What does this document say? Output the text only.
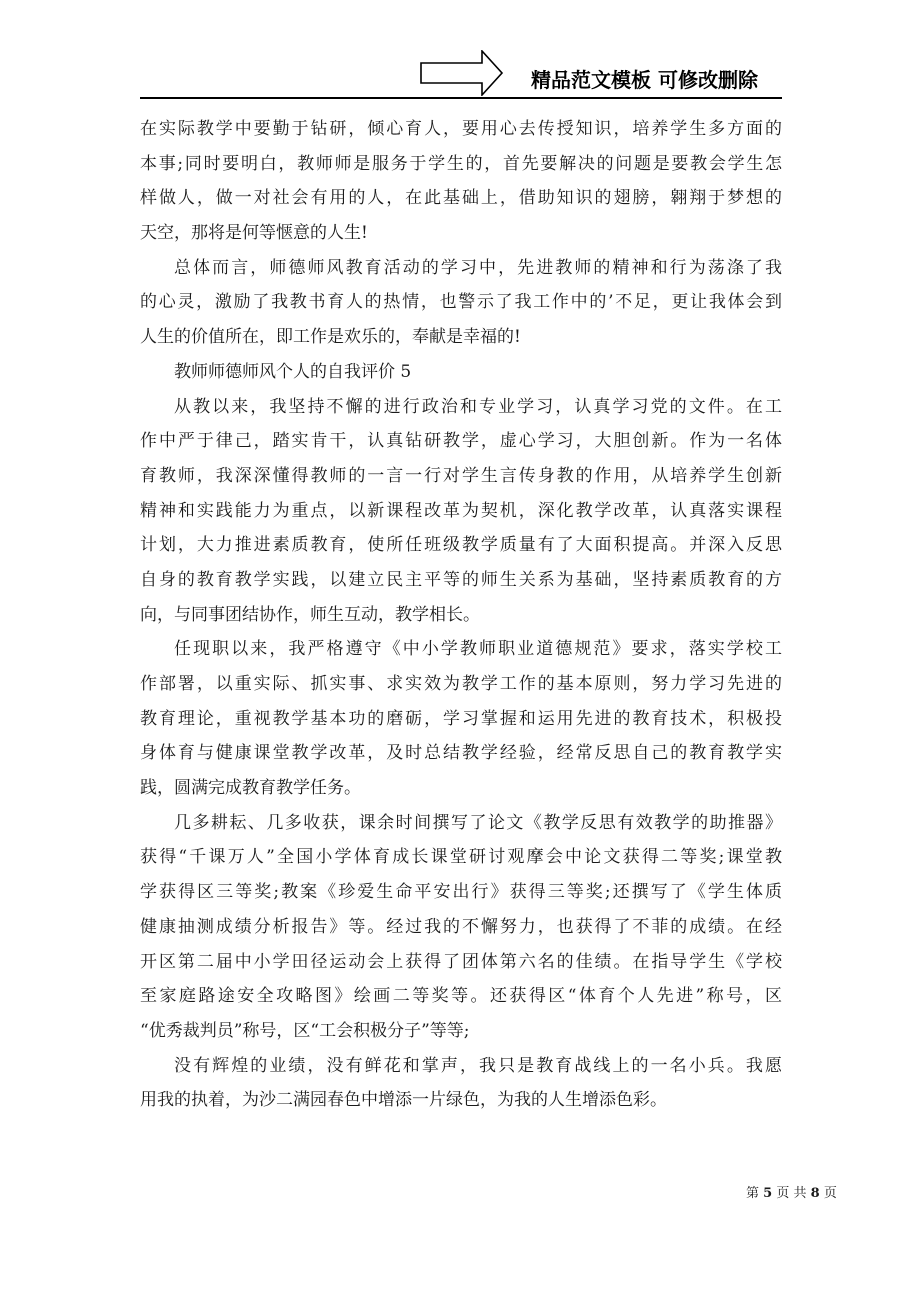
精品范文模板 可修改删除
在实际教学中要勤于钻研，倾心育人，要用心去传授知识，培养学生多方面的
本事;同时要明白，教师师是服务于学生的，首先要解决的问题是要教会学生怎
样做人，做一对社会有用的人，在此基础上，借助知识的翅膀，翱翔于梦想的
天空，那将是何等惬意的人生!
总体而言，师德师风教育活动的学习中，先进教师的精神和行为荡涤了我
的心灵，激励了我教书育人的热情，也警示了我工作中的’不足，更让我体会到
人生的价值所在，即工作是欢乐的，奉献是幸福的!
教师师德师风个人的自我评价 5
从教以来，我坚持不懈的进行政治和专业学习，认真学习党的文件。在工
作中严于律己，踏实肯干，认真钻研教学，虚心学习，大胆创新。作为一名体
育教师，我深深懂得教师的一言一行对学生言传身教的作用，从培养学生创新
精神和实践能力为重点，以新课程改革为契机，深化教学改革，认真落实课程
计划，大力推进素质教育，使所任班级教学质量有了大面积提高。并深入反思
自身的教育教学实践，以建立民主平等的师生关系为基础，坚持素质教育的方
向，与同事团结协作，师生互动，教学相长。
任现职以来，我严格遵守《中小学教师职业道德规范》要求，落实学校工
作部署，以重实际、抓实事、求实效为教学工作的基本原则，努力学习先进的
教育理论，重视教学基本功的磨砺，学习掌握和运用先进的教育技术，积极投
身体育与健康课堂教学改革，及时总结教学经验，经常反思自己的教育教学实
践，圆满完成教育教学任务。
几多耕耘、几多收获，课余时间撰写了论文《教学反思有效教学的助推器》
获得“千课万人”全国小学体育成长课堂研讨观摩会中论文获得二等奖;课堂教
学获得区三等奖;教案《珍爱生命平安出行》获得三等奖;还撰写了《学生体质
健康抽测成绩分析报告》等。经过我的不懈努力，也获得了不菲的成绩。在经
开区第二届中小学田径运动会上获得了团体第六名的佳绩。在指导学生《学校
至家庭路途安全攻略图》绘画二等奖等。还获得区“体育个人先进”称号，区
“优秀裁判员”称号，区“工会积极分子”等等;
没有辉煌的业绩，没有鲜花和掌声，我只是教育战线上的一名小兵。我愿
用我的执着，为沙二满园春色中增添一片绿色，为我的人生增添色彩。
第 5 页 共 8 页
